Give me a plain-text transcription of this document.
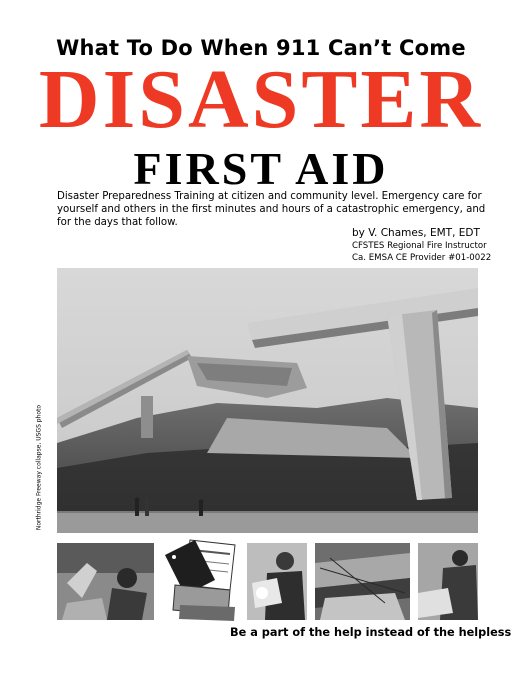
What To Do When 911 Can’t Come
DISASTER
FIRST AID
Disaster Preparedness Training at citizen and community level. Emergency care for yourself and others in the first minutes and hours of a catastrophic emergency, and for the days that follow.
by V. Chames, EMT, EDT
CFSTES Regional Fire Instructor
Ca. EMSA CE Provider #01-0022
Northridge Freeway collapse, USGS photo
Be a part of the help instead of the helpless
